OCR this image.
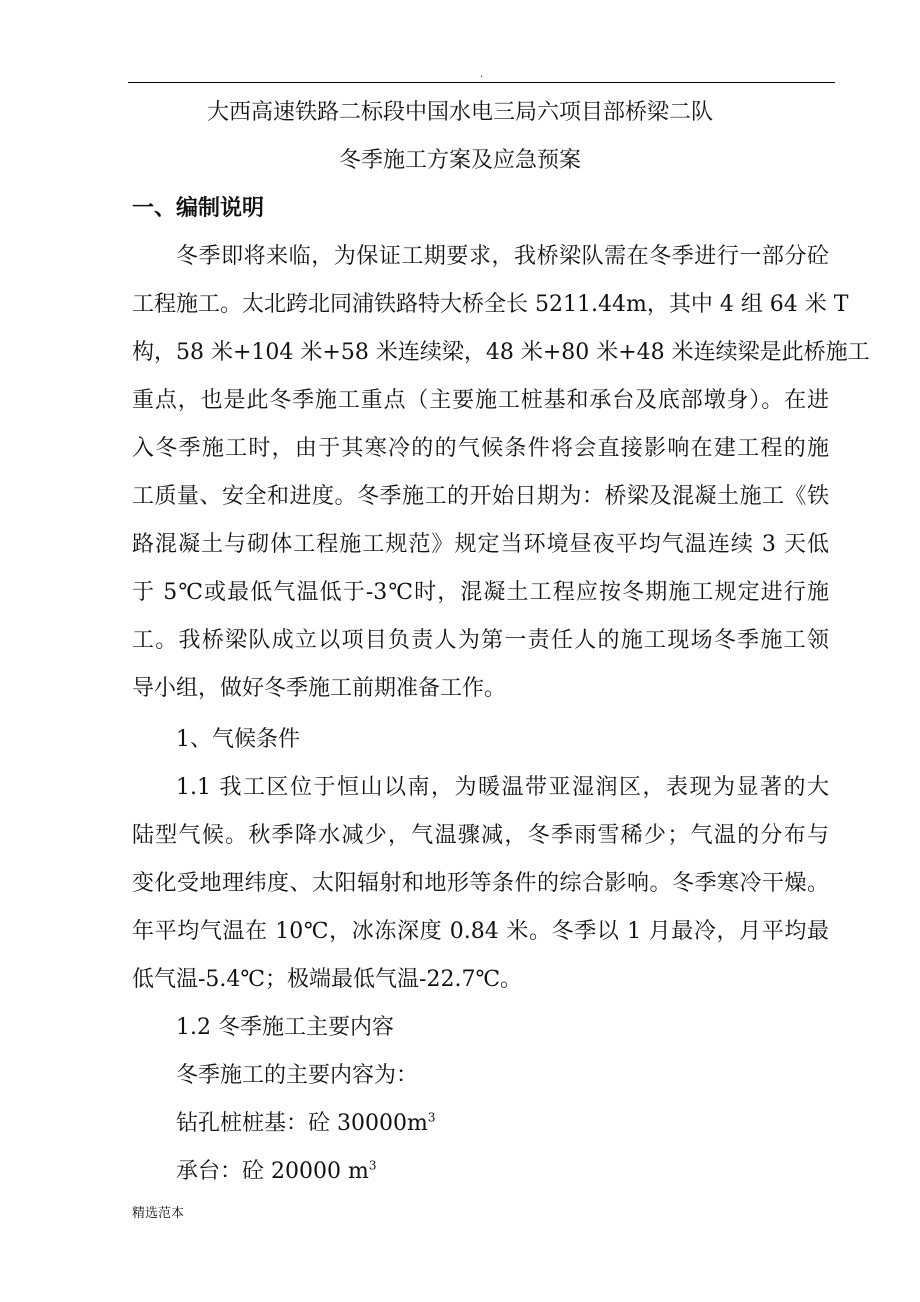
.
大西高速铁路二标段中国水电三局六项目部桥梁二队
冬季施工方案及应急预案
一、编制说明
冬季即将来临，为保证工期要求，我桥梁队需在冬季进行一部分砼
工程施工。太北跨北同浦铁路特大桥全长 5211.44m，其中 4 组 64 米 T
构，58 米+104 米+58 米连续梁，48 米+80 米+48 米连续梁是此桥施工
重点，也是此冬季施工重点（主要施工桩基和承台及底部墩身）。在进
入冬季施工时，由于其寒冷的的气候条件将会直接影响在建工程的施
工质量、安全和进度。冬季施工的开始日期为：桥梁及混凝土施工《铁
路混凝土与砌体工程施工规范》规定当环境昼夜平均气温连续 3 天低
于 5℃或最低气温低于-3℃时，混凝土工程应按冬期施工规定进行施
工。我桥梁队成立以项目负责人为第一责任人的施工现场冬季施工领
导小组，做好冬季施工前期准备工作。
1、气候条件
1.1 我工区位于恒山以南，为暖温带亚湿润区，表现为显著的大
陆型气候。秋季降水减少，气温骤减，冬季雨雪稀少；气温的分布与
变化受地理纬度、太阳辐射和地形等条件的综合影响。冬季寒冷干燥。
年平均气温在 10℃，冰冻深度 0.84 米。冬季以 1 月最冷，月平均最
低气温-5.4℃；极端最低气温-22.7℃。
1.2 冬季施工主要内容
冬季施工的主要内容为：
钻孔桩桩基：砼 $30000m^3$
承台：砼 20000 $m^3$
精选范本
